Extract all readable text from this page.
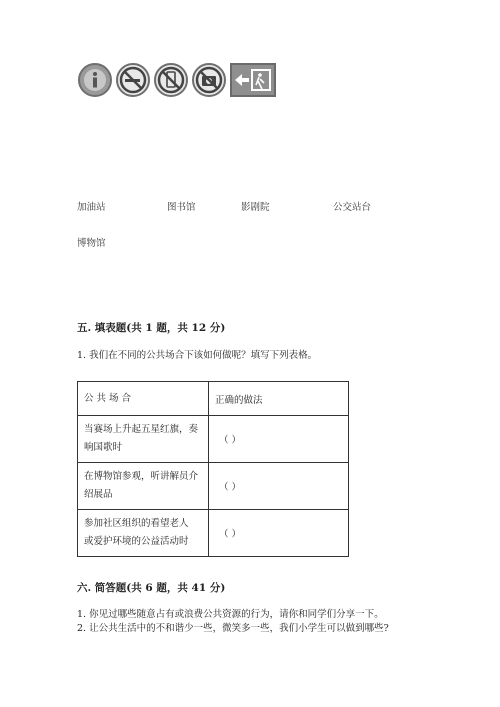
加油站	图书馆	影剧院	公交站台
博物馆
五. 填表题(共 1 题，共 12 分)
1. 我们在不同的公共场合下该如何做呢？填写下列表格。
公 共 场 合	正确的做法

当赛场上升起五星红旗，奏
响国歌时	（ ）

在博物馆参观，听讲解员介
绍展品	（ ）

参加社区组织的看望老人
或爱护环境的公益活动时	（ ）
六. 简答题(共 6 题，共 41 分)
1. 你见过哪些随意占有或浪费公共资源的行为，请你和同学们分享一下。
2. 让公共生活中的不和谐少一些，微笑多一些，我们小学生可以做到哪些?
